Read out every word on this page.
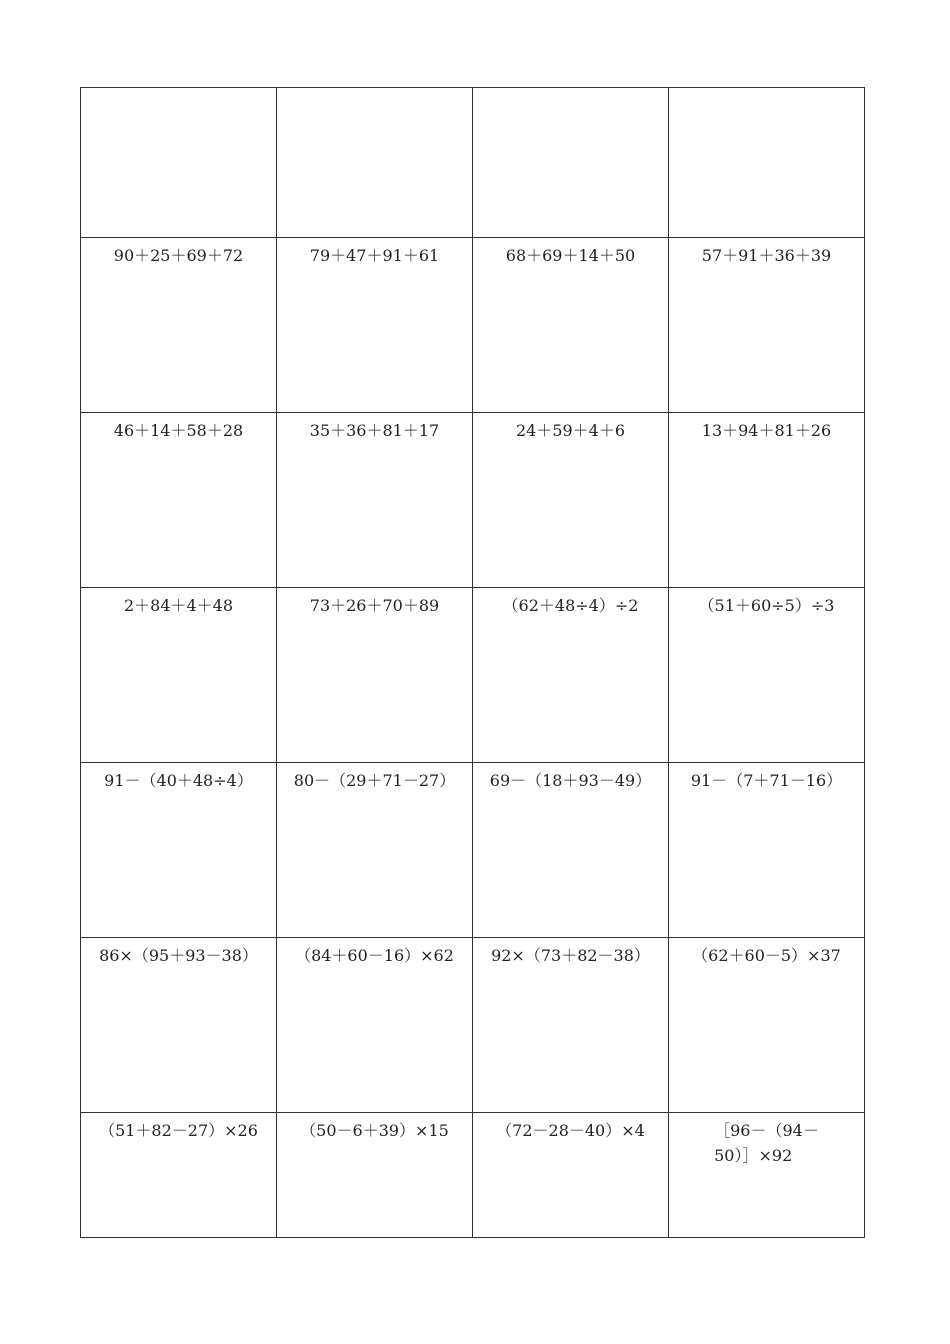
90＋25＋69＋72	79＋47＋91＋61	68＋69＋14＋50	57＋91＋36＋39
46＋14＋58＋28	35＋36＋81＋17	24＋59＋4＋6	13＋94＋81＋26
2＋84＋4＋48	73＋26＋70＋89	（62＋48÷4）÷2	（51＋60÷5）÷3
91－（40＋48÷4）	80－（29＋71－27）	69－（18＋93－49）	91－（7＋71－16）
86×（95＋93－38）	（84＋60－16）×62	92×（73＋82－38）	（62＋60－5）×37
（51＋82－27）×26	（50－6＋39）×15	（72－28－40）×4	［96－（94－
50）］×92
